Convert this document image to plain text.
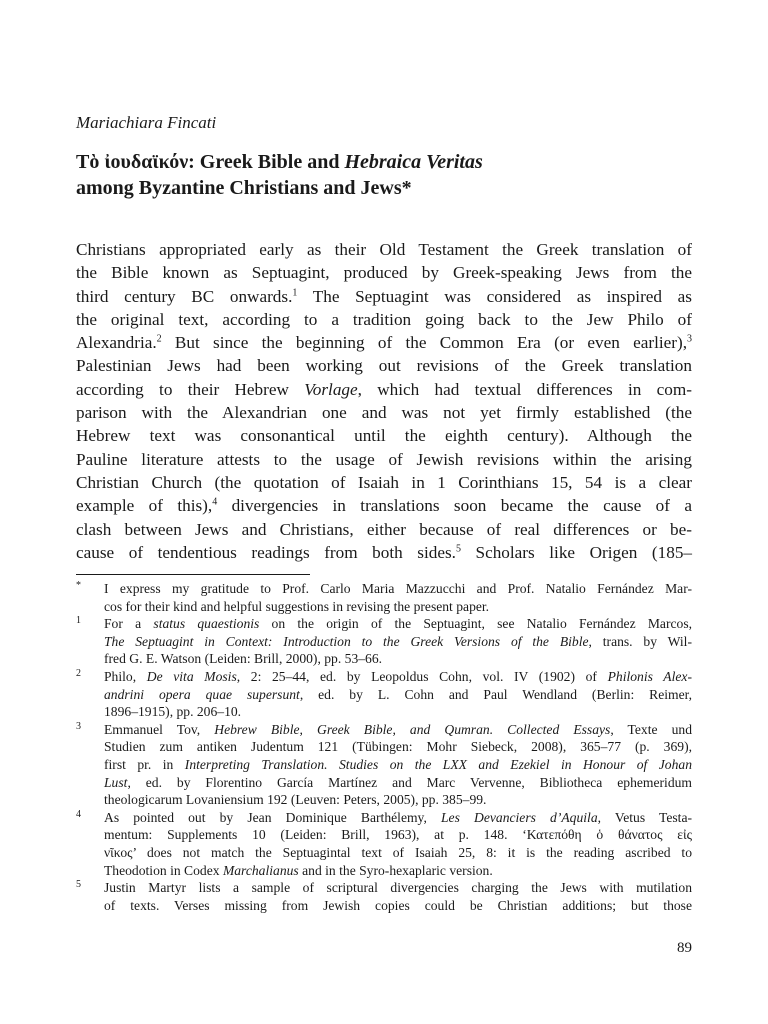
Mariachiara Fincati
Τὸ ἰουδαϊκόν: Greek Bible and Hebraica Veritas
among Byzantine Christians and Jews*
Christians appropriated early as their Old Testament the Greek translation of
the Bible known as Septuagint, produced by Greek-speaking Jews from the
third century BC onwards.$^1$ The Septuagint was considered as inspired as
the original text, according to a tradition going back to the Jew Philo of
Alexandria.$^2$ But since the beginning of the Common Era (or even earlier),$^3$
Palestinian Jews had been working out revisions of the Greek translation
according to their Hebrew Vorlage, which had textual differences in com-
parison with the Alexandrian one and was not yet firmly established (the
Hebrew text was consonantical until the eighth century). Although the
Pauline literature attests to the usage of Jewish revisions within the arising
Christian Church (the quotation of Isaiah in 1 Corinthians 15, 54 is a clear
example of this),$^4$ divergencies in translations soon became the cause of a
clash between Jews and Christians, either because of real differences or be-
cause of tendentious readings from both sides.$^5$ Scholars like Origen (185–
* I express my gratitude to Prof. Carlo Maria Mazzucchi and Prof. Natalio Fernández Mar-
cos for their kind and helpful suggestions in revising the present paper.
1 For a status quaestionis on the origin of the Septuagint, see Natalio Fernández Marcos,
The Septuagint in Context: Introduction to the Greek Versions of the Bible, trans. by Wil-
fred G. E. Watson (Leiden: Brill, 2000), pp. 53–66.
2 Philo, De vita Mosis, 2: 25–44, ed. by Leopoldus Cohn, vol. IV (1902) of Philonis Alex-
andrini opera quae supersunt, ed. by L. Cohn and Paul Wendland (Berlin: Reimer,
1896–1915), pp. 206–10.
3 Emmanuel Tov, Hebrew Bible, Greek Bible, and Qumran. Collected Essays, Texte und
Studien zum antiken Judentum 121 (Tübingen: Mohr Siebeck, 2008), 365–77 (p. 369),
first pr. in Interpreting Translation. Studies on the LXX and Ezekiel in Honour of Johan
Lust, ed. by Florentino García Martínez and Marc Vervenne, Bibliotheca ephemeridum
theologicarum Lovaniensium 192 (Leuven: Peters, 2005), pp. 385–99.
4 As pointed out by Jean Dominique Barthélemy, Les Devanciers d’Aquila, Vetus Testa-
mentum: Supplements 10 (Leiden: Brill, 1963), at p. 148. ‘Κατεπόθη ὁ θάνατος εἰς
νῖκος’ does not match the Septuagintal text of Isaiah 25, 8: it is the reading ascribed to
Theodotion in Codex Marchalianus and in the Syro-hexaplaric version.
5 Justin Martyr lists a sample of scriptural divergencies charging the Jews with mutilation
of texts. Verses missing from Jewish copies could be Christian additions; but those
89
